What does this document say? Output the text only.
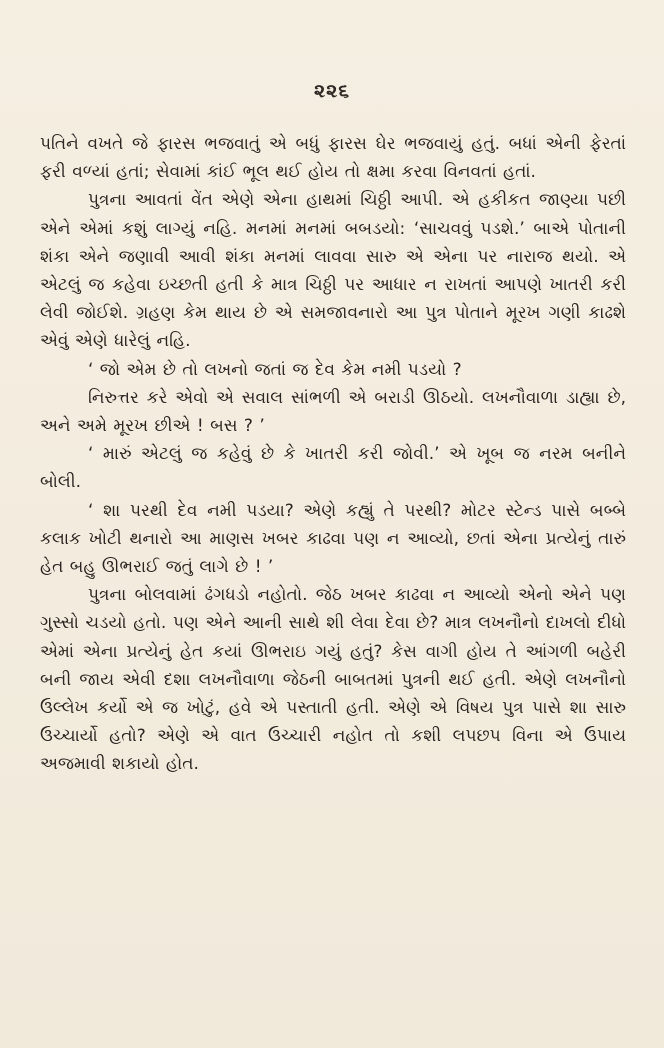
૨૨૬

પતિને વખતે જે ફારસ ભજવાતું એ બધું ફારસ ઘેર ભજવાયું હતું. બધાં એની ફેરતાં ફરી વળ્યાં હતાં; સેવામાં કાંઈ ભૂલ થઈ હોય તો ક્ષમા કરવા વિનવતાં હતાં.

પુત્રના આવતાં વેંત એણે એના હાથમાં ચિઠ્ઠી આપી. એ હકીકત જાણ્યા પછી એને એમાં કશું લાગ્યું નહિ. મનમાં મનમાં બબડયો: ‘સાચવવું પડશે.’ બાએ પોતાની શંકા એને જણાવી આવી શંકા મનમાં લાવવા સારુ એ એના પર નારાજ થયો. એ એટલું જ કહેવા ઇચ્છતી હતી કે માત્ર ચિઠ્ઠી પર આધાર ન રાખતાં આપણે ખાતરી કરી લેવી જોઈશે. ગ્રહણ કેમ થાય છે એ સમજાવનારો આ પુત્ર પોતાને મૂરખ ગણી કાઢશે એવું એણે ધારેલું નહિ.

‘ જો એમ છે તો લખનો જતાં જ દેવ કેમ નમી પડયો ?

નિરુત્તર કરે એવો એ સવાલ સાંભળી એ બરાડી ઊઠયો. લખનૌવાળા ડાહ્યા છે, અને અમે મૂરખ છીએ ! બસ ? ’

‘ મારું એટલું જ કહેવું છે કે ખાતરી કરી જોવી.’ એ ખૂબ જ નરમ બનીને બોલી.

‘ શા પરથી દેવ નમી પડયા? એણે કહ્યું તે પરથી? મોટર સ્ટેન્ડ પાસે બબ્બે કલાક ખોટી થનારો આ માણસ ખબર કાઢવા પણ ન આવ્યો, છતાં એના પ્રત્યેનું તારું હેત બહુ ઊભરાઈ જતું લાગે છે ! ’

પુત્રના બોલવામાં ઢંગધડો નહોતો. જેઠ ખબર કાઢવા ન આવ્યો એનો એને પણ ગુસ્સો ચડયો હતો. પણ એને આની સાથે શી લેવા દેવા છે? માત્ર લખનૌનો દાખલો દીધો એમાં એના પ્રત્યેનું હેત કયાં ઊભરાઇ ગયું હતું? કેસ વાગી હોય તે આંગળી બહેરી બની જાય એવી દશા લખનૌવાળા જેઠની બાબતમાં પુત્રની થઈ હતી. એણે લખનૌનો ઉલ્લેખ કર્યો એ જ ખોટું, હવે એ પસ્તાતી હતી. એણે એ વિષય પુત્ર પાસે શા સારુ ઉચ્ચાર્યો હતો? એણે એ વાત ઉચ્ચારી નહોત તો કશી લપછપ વિના એ ઉપાય અજમાવી શકાયો હોત.
